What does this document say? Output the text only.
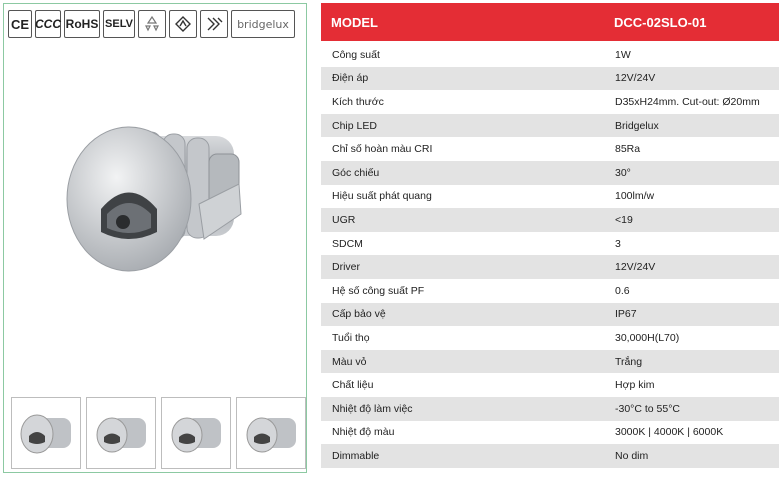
CE CCC RoHS SELV	bridgelux	MODEL	DCC-02SLO-01
Công suất	1W
Điện áp	12V/24V
Kích thước	D35xH24mm. Cut-out: Ø20mm
Chip LED	Bridgelux
Chỉ số hoàn màu CRI	85Ra
Góc chiếu	30°
Hiệu suất phát quang	100lm/w
UGR	<19
SDCM	3
Driver	12V/24V
Hệ số công suất PF	0.6
Cấp bảo vệ	IP67
Tuổi thọ	30,000H(L70)
Màu vỏ	Trắng
Chất liệu	Hợp kim
Nhiệt độ làm việc	-30°C to 55°C
Nhiệt độ màu	3000K | 4000K | 6000K
Dimmable	No dim
